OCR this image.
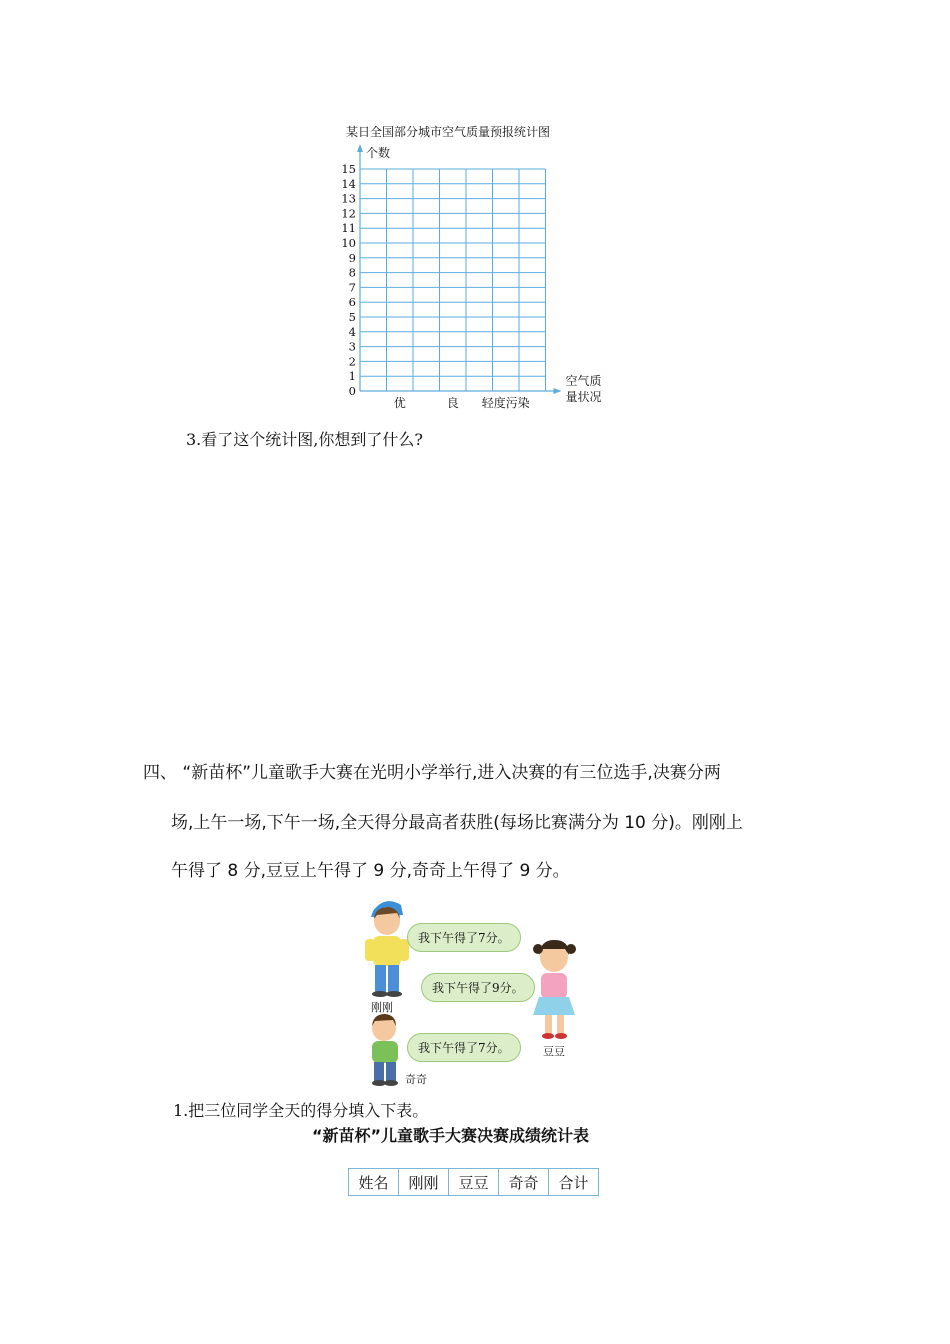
某日全国部分城市空气质量预报统计图
0
1
2
3
4
5
6
7
8
9
10
11
12
13
14
15
个数
优	良 轻度污染
空气质
量状况
3.看了这个统计图,你想到了什么?
四、 “新苗杯”儿童歌手大赛在光明小学举行,进入决赛的有三位选手,决赛分两
场,上午一场,下午一场,全天得分最高者获胜(每场比赛满分为 10 分)。刚刚上
午得了 8 分,豆豆上午得了 9 分,奇奇上午得了 9 分。
我下午得了7分。
我下午得了9分。
我下午得了7分。
刚刚
豆豆
奇奇
1.把三位同学全天的得分填入下表。
“新苗杯”儿童歌手大赛决赛成绩统计表
姓名	刚刚	豆豆	奇奇	合计
